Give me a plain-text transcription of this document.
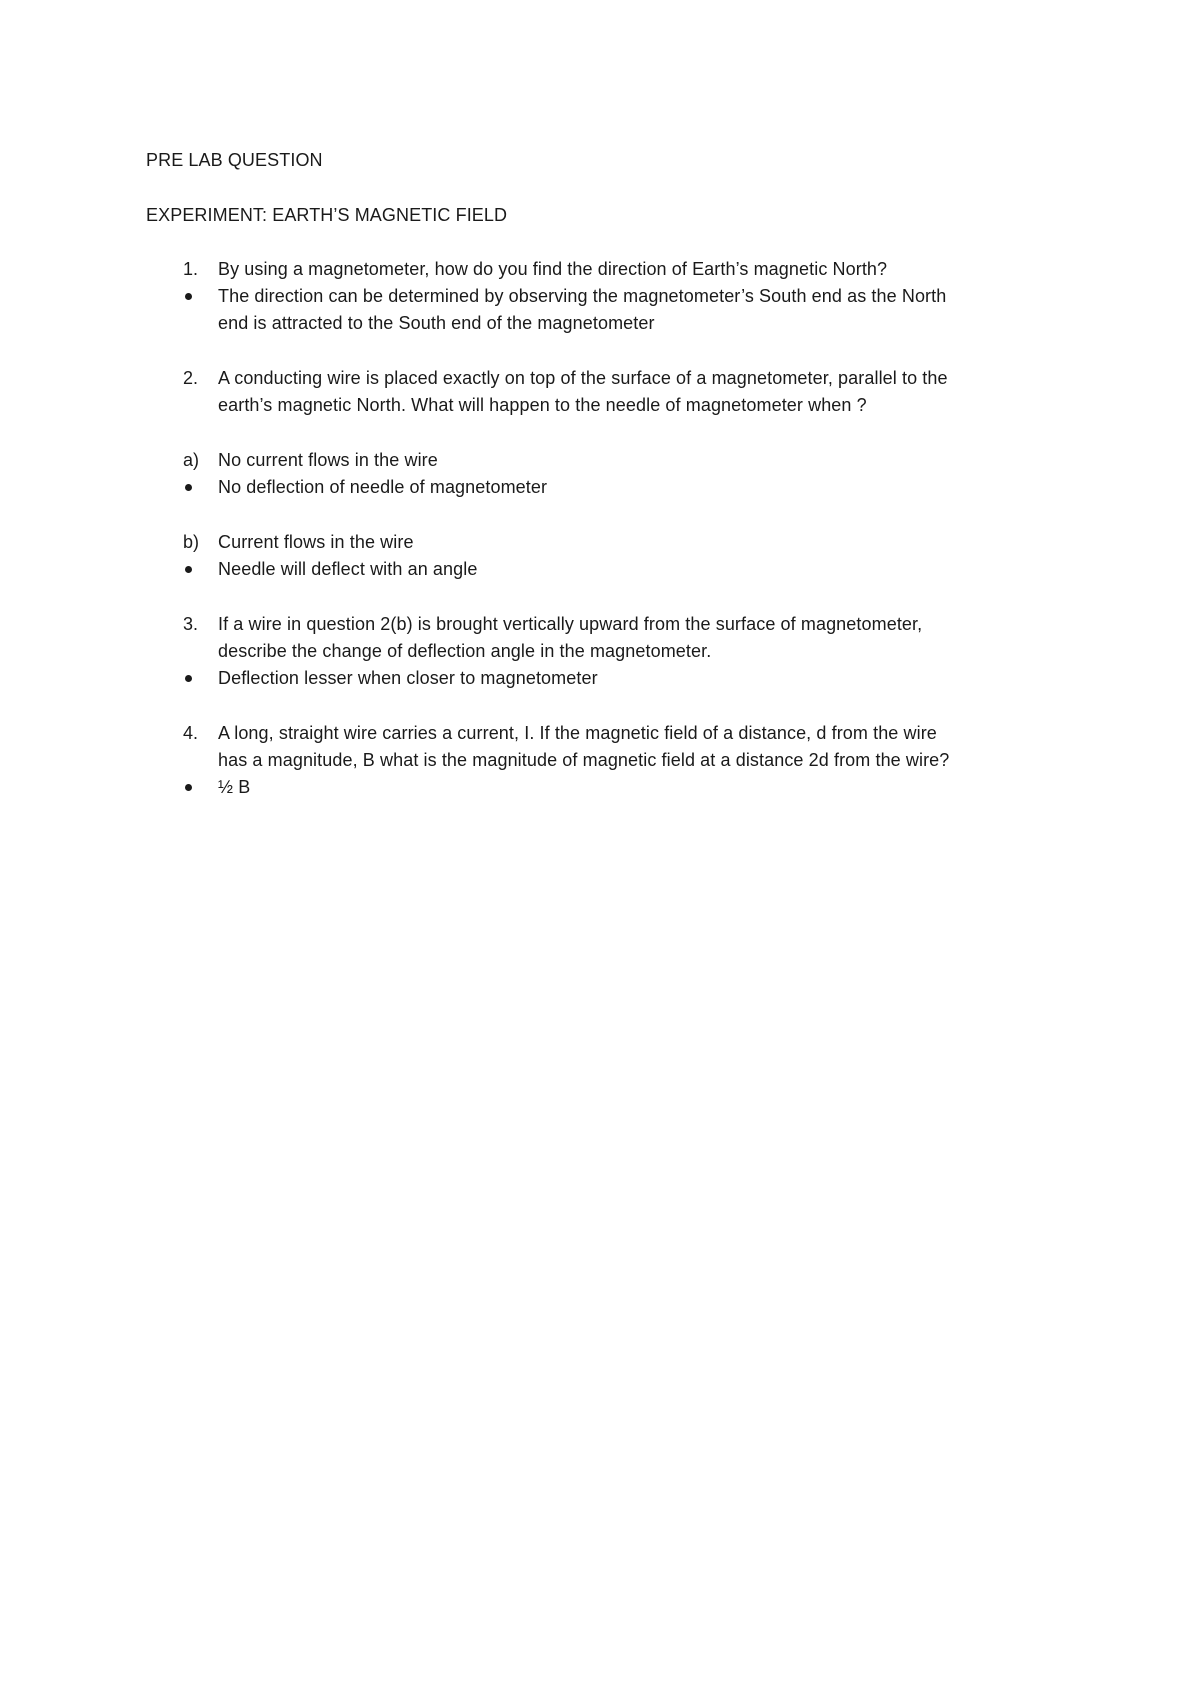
PRE LAB QUESTION
EXPERIMENT: EARTH’S MAGNETIC FIELD
1. By using a magnetometer, how do you find the direction of Earth’s magnetic North?
The direction can be determined by observing the magnetometer’s South end as the North
end is attracted to the South end of the magnetometer
2. A conducting wire is placed exactly on top of the surface of a magnetometer, parallel to the
earth’s magnetic North. What will happen to the needle of magnetometer when ?
a) No current flows in the wire
No deflection of needle of magnetometer
b) Current flows in the wire
Needle will deflect with an angle
3. If a wire in question 2(b) is brought vertically upward from the surface of magnetometer,
describe the change of deflection angle in the magnetometer.
Deflection lesser when closer to magnetometer
4. A long, straight wire carries a current, I. If the magnetic field of a distance, d from the wire
has a magnitude, B what is the magnitude of magnetic field at a distance 2d from the wire?
½ B
